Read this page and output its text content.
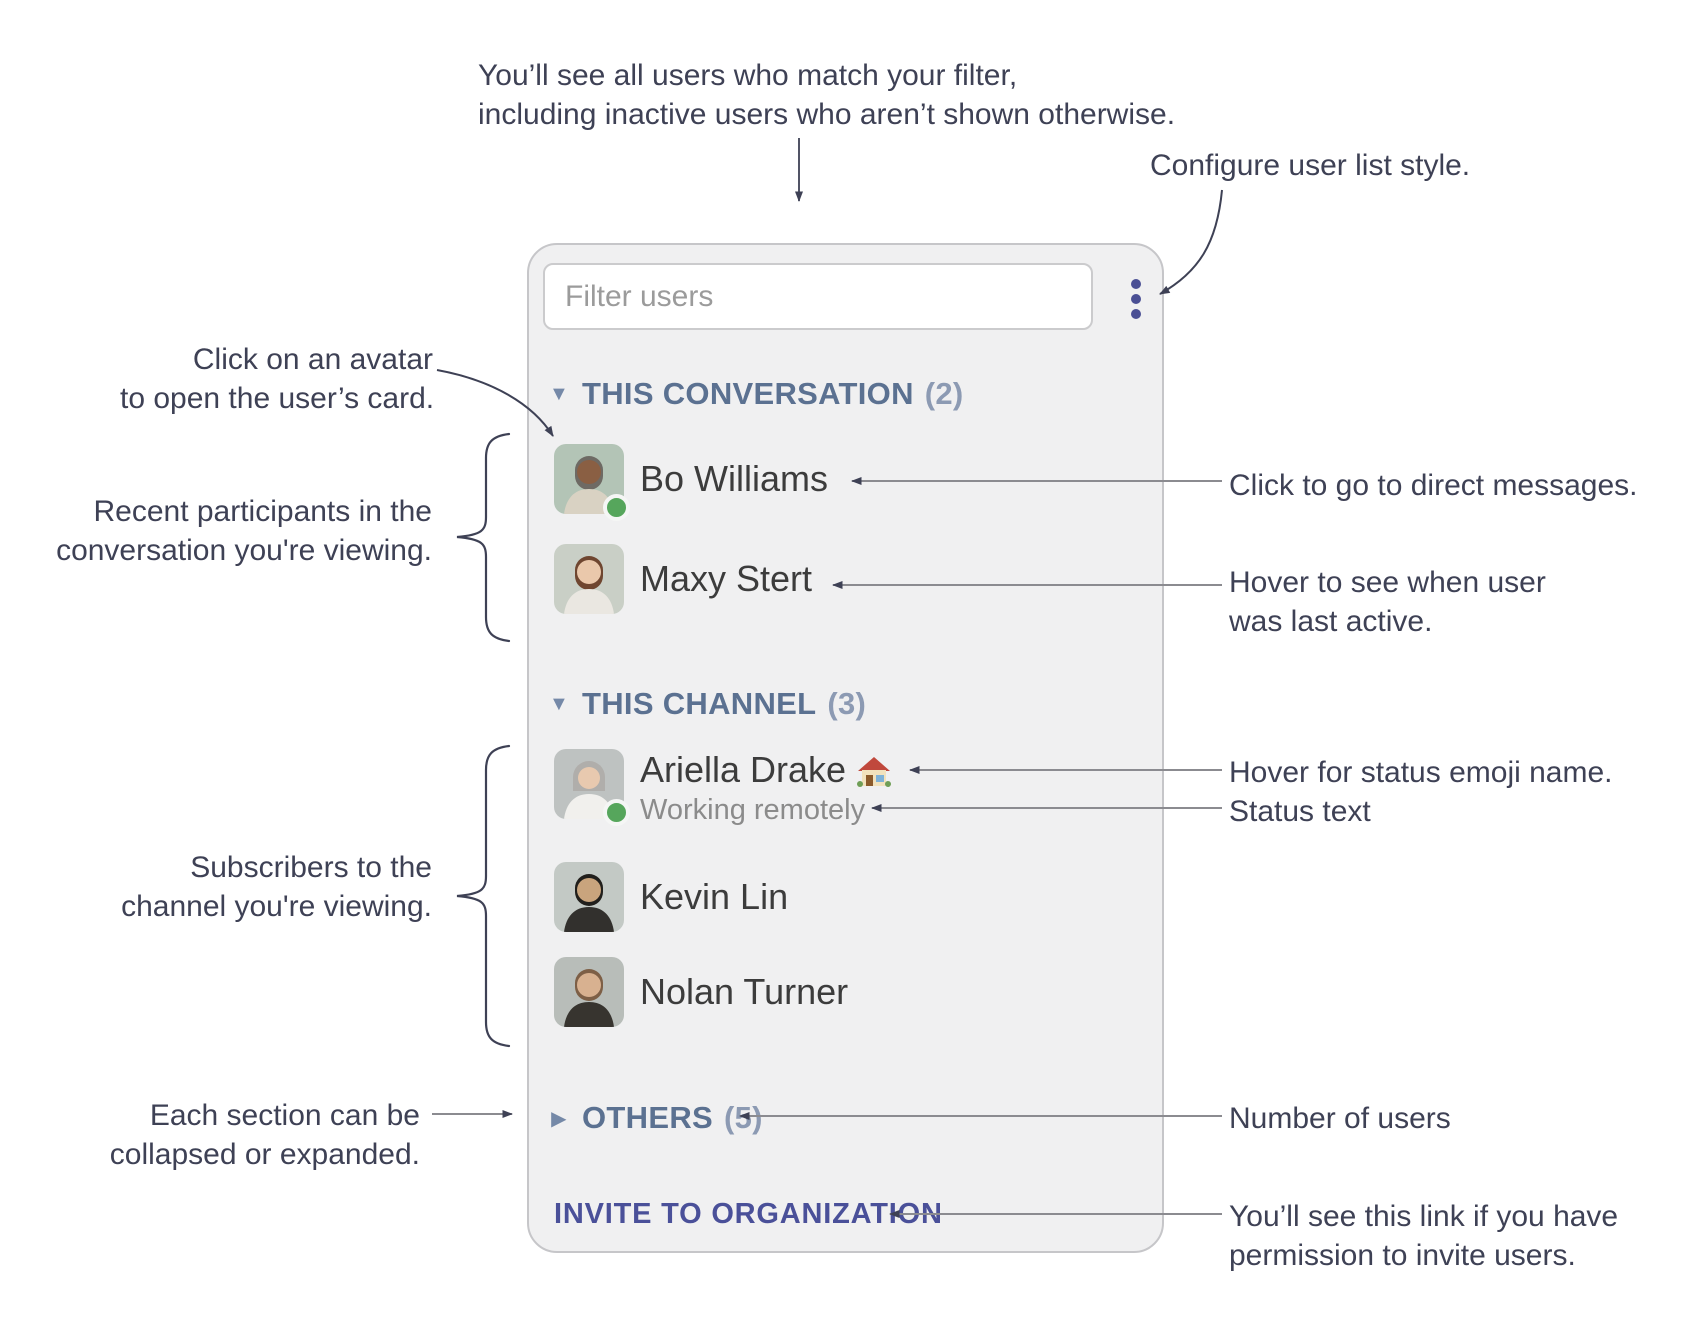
You’ll see all users who match your filter,
including inactive users who aren’t shown otherwise.
Configure user list style.
Click on an avatar
to open the user’s card.
Recent participants in the
conversation you're viewing.
Subscribers to the
channel you're viewing.
Each section can be
collapsed or expanded.
Click to go to direct messages.
Hover to see when user
was last active.
Hover for status emoji name.
Status text
Number of users
You’ll see this link if you have
permission to invite users.
Filter users
▼ THIS CONVERSATION (2)
Bo Williams
Maxy Stert
▼ THIS CHANNEL (3)
Ariella Drake
Working remotely
Kevin Lin
Nolan Turner
▶ OTHERS (5)
INVITE TO ORGANIZATION
